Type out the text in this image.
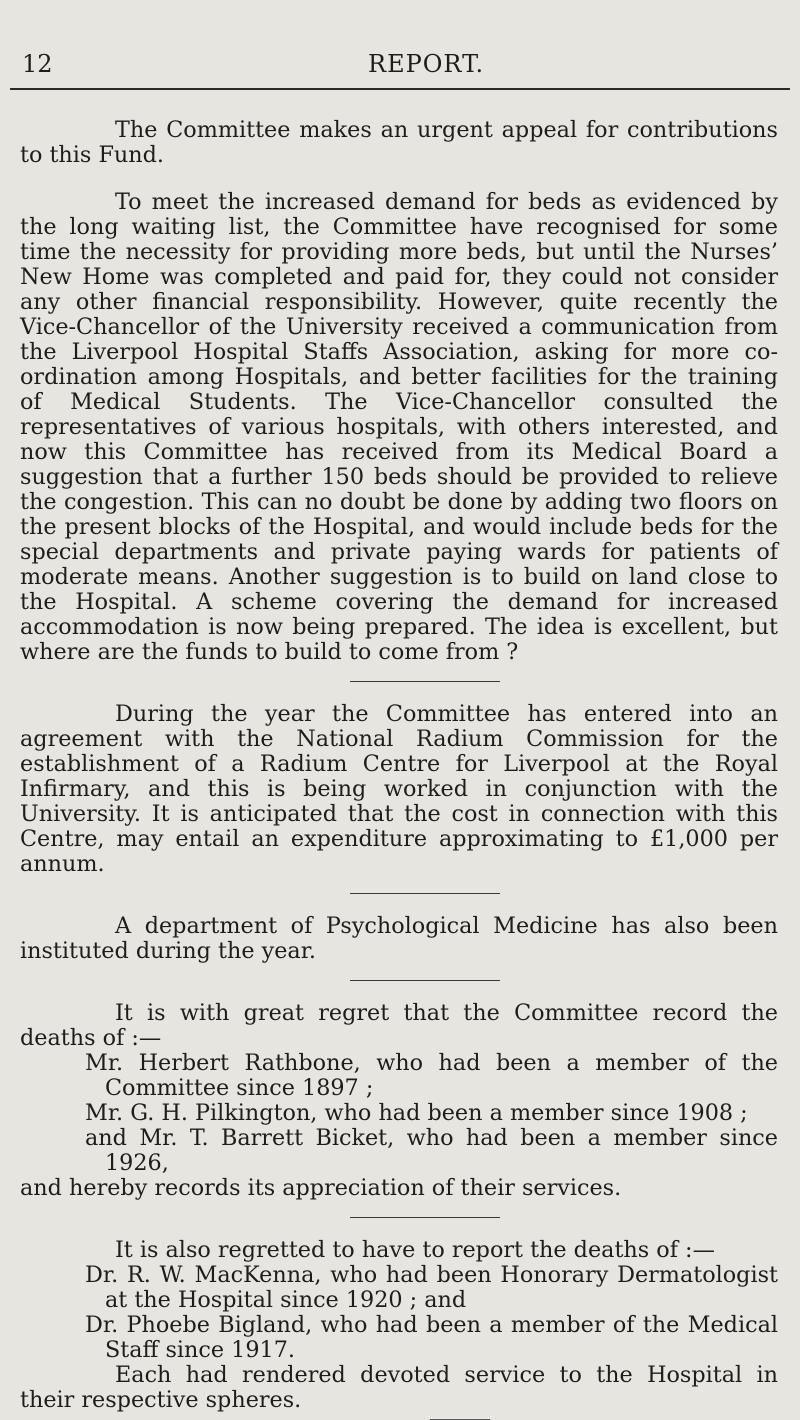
12	REPORT.

The Committee makes an urgent appeal for contributions to this Fund.

To meet the increased demand for beds as evidenced by the long waiting list, the Committee have recognised for some time the necessity for providing more beds, but until the Nurses’ New Home was completed and paid for, they could not consider any other financial responsibility. However, quite recently the Vice-Chancellor of the University received a communication from the Liverpool Hospital Staffs Association, asking for more co-ordination among Hospitals, and better facilities for the training of Medical Students. The Vice-Chancellor consulted the representatives of various hospitals, with others interested, and now this Committee has received from its Medical Board a suggestion that a further 150 beds should be provided to relieve the congestion. This can no doubt be done by adding two floors on the present blocks of the Hospital, and would include beds for the special departments and private paying wards for patients of moderate means. Another suggestion is to build on land close to the Hospital. A scheme covering the demand for increased accommodation is now being prepared. The idea is excellent, but where are the funds to build to come from ?

During the year the Committee has entered into an agreement with the National Radium Commission for the establishment of a Radium Centre for Liverpool at the Royal Infirmary, and this is being worked in conjunction with the University. It is anticipated that the cost in connection with this Centre, may entail an expenditure approximating to £1,000 per annum.

A department of Psychological Medicine has also been instituted during the year.

It is with great regret that the Committee record the deaths of :—

Mr. Herbert Rathbone, who had been a member of the Committee since 1897 ;
Mr. G. H. Pilkington, who had been a member since 1908 ;
and Mr. T. Barrett Bicket, who had been a member since 1926,

and hereby records its appreciation of their services.

It is also regretted to have to report the deaths of :—

Dr. R. W. MacKenna, who had been Honorary Dermatologist at the Hospital since 1920 ; and
Dr. Phoebe Bigland, who had been a member of the Medical Staff since 1917.

Each had rendered devoted service to the Hospital in their respective spheres.
